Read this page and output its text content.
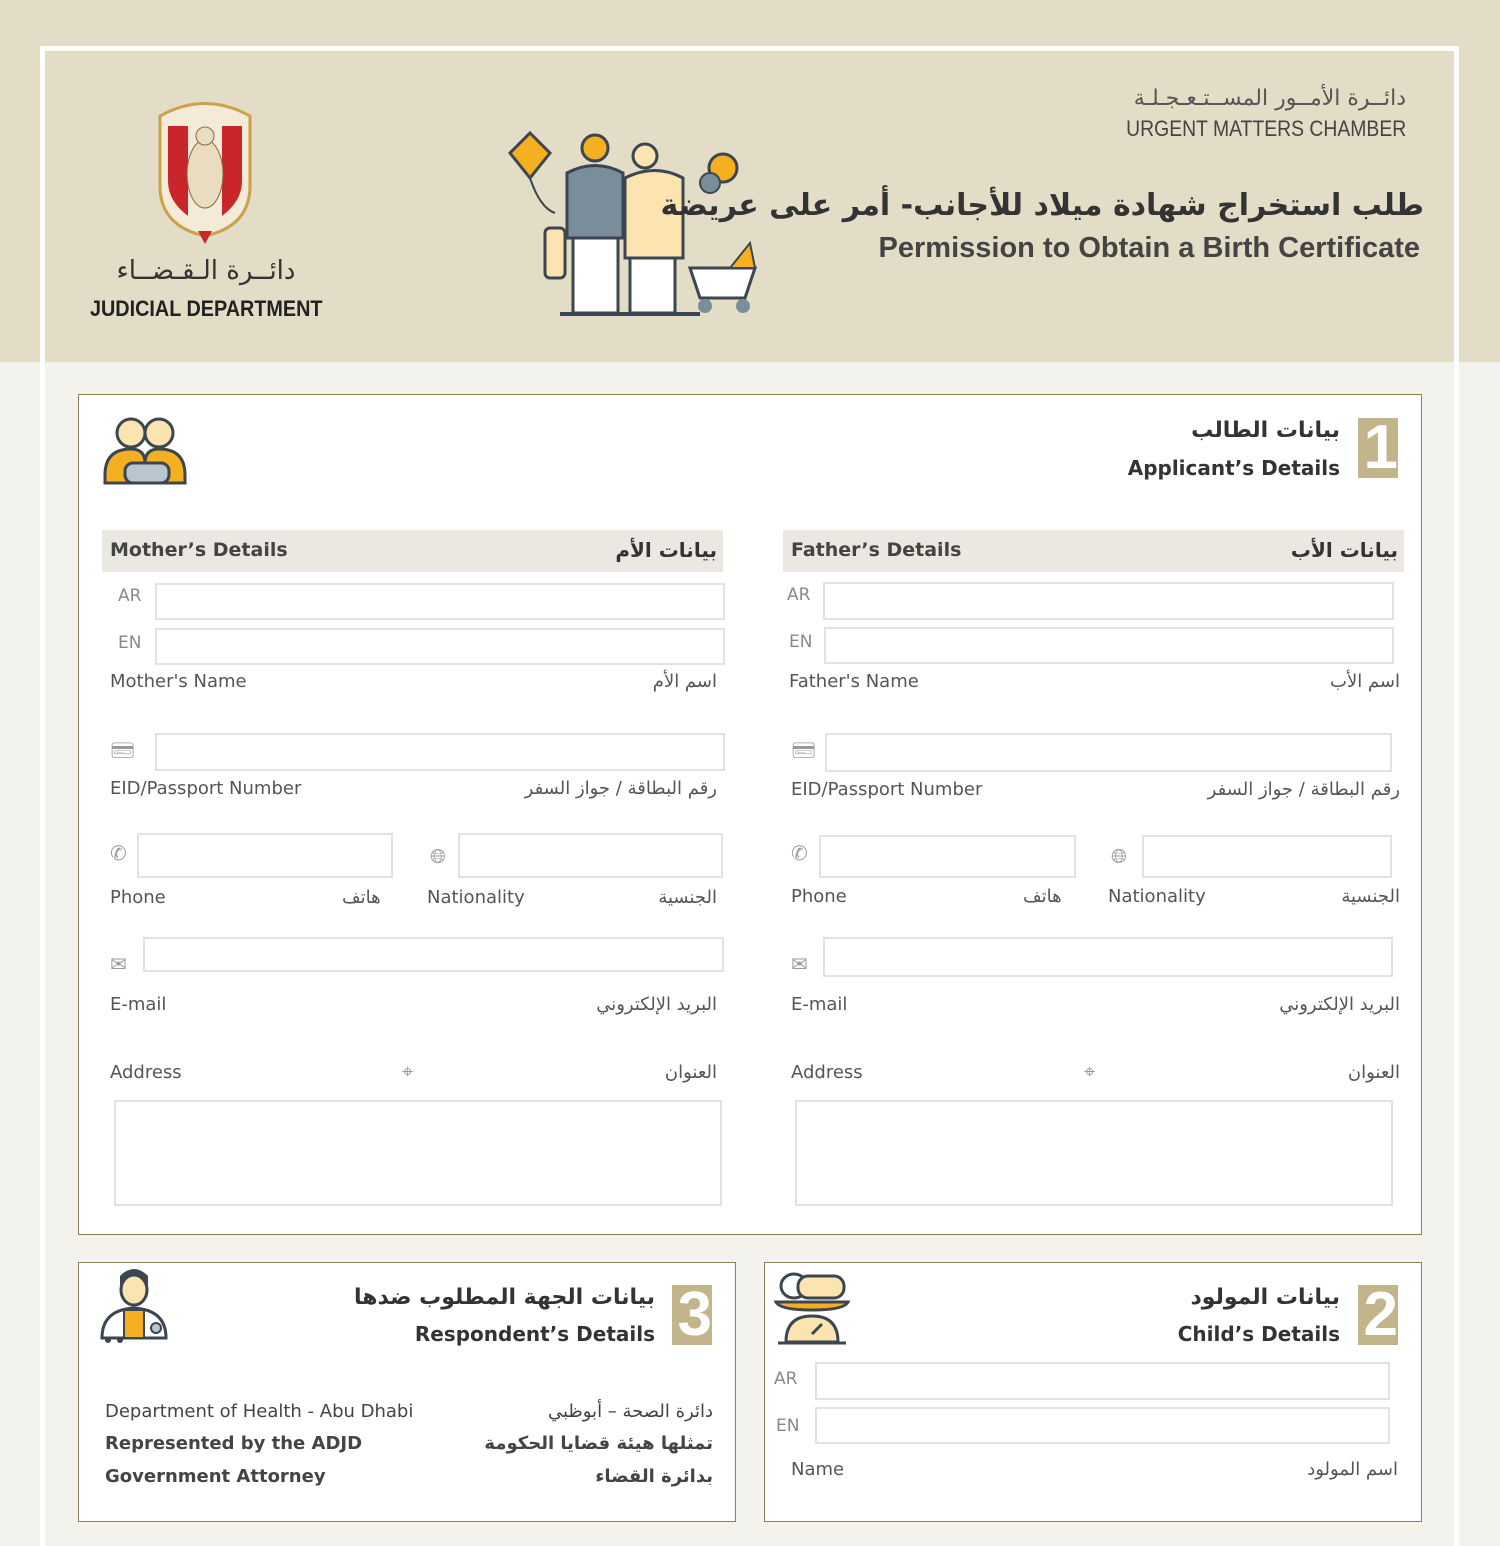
دائــرة الـقـضــاء
JUDICIAL DEPARTMENT
دائــرة الأمــور المســتـعـجـلـة
URGENT MATTERS CHAMBER
طلب استخراج شهادة ميلاد للأجانب- أمر على عريضة
Permission to Obtain a Birth Certificate
1
بيانات الطالب
Applicant’s Details
Mother’s Details	بيانات الأم
AR
EN
Mother's Name	اسم الأم
💳︎
EID/Passport Number	رقم البطاقة / جواز السفر
✆
Phone	هاتف
🌐︎
Nationality	الجنسية
✉︎
E-mail	البريد الإلكتروني
Address	⌖	العنوان
Father’s Details	بيانات الأب
AR
EN
Father's Name	اسم الأب
💳︎
EID/Passport Number	رقم البطاقة / جواز السفر
✆
Phone	هاتف
🌐︎
Nationality	الجنسية
✉︎
E-mail	البريد الإلكتروني
Address	⌖	العنوان
3
بيانات الجهة المطلوب ضدها
Respondent’s Details
Department of Health - Abu Dhabi	دائرة الصحة – أبوظبي
Represented by the ADJD	تمثلها هيئة قضايا الحكومة
Government Attorney	بدائرة القضاء
2
بيانات المولود
Child’s Details
AR
EN
Name	اسم المولود
